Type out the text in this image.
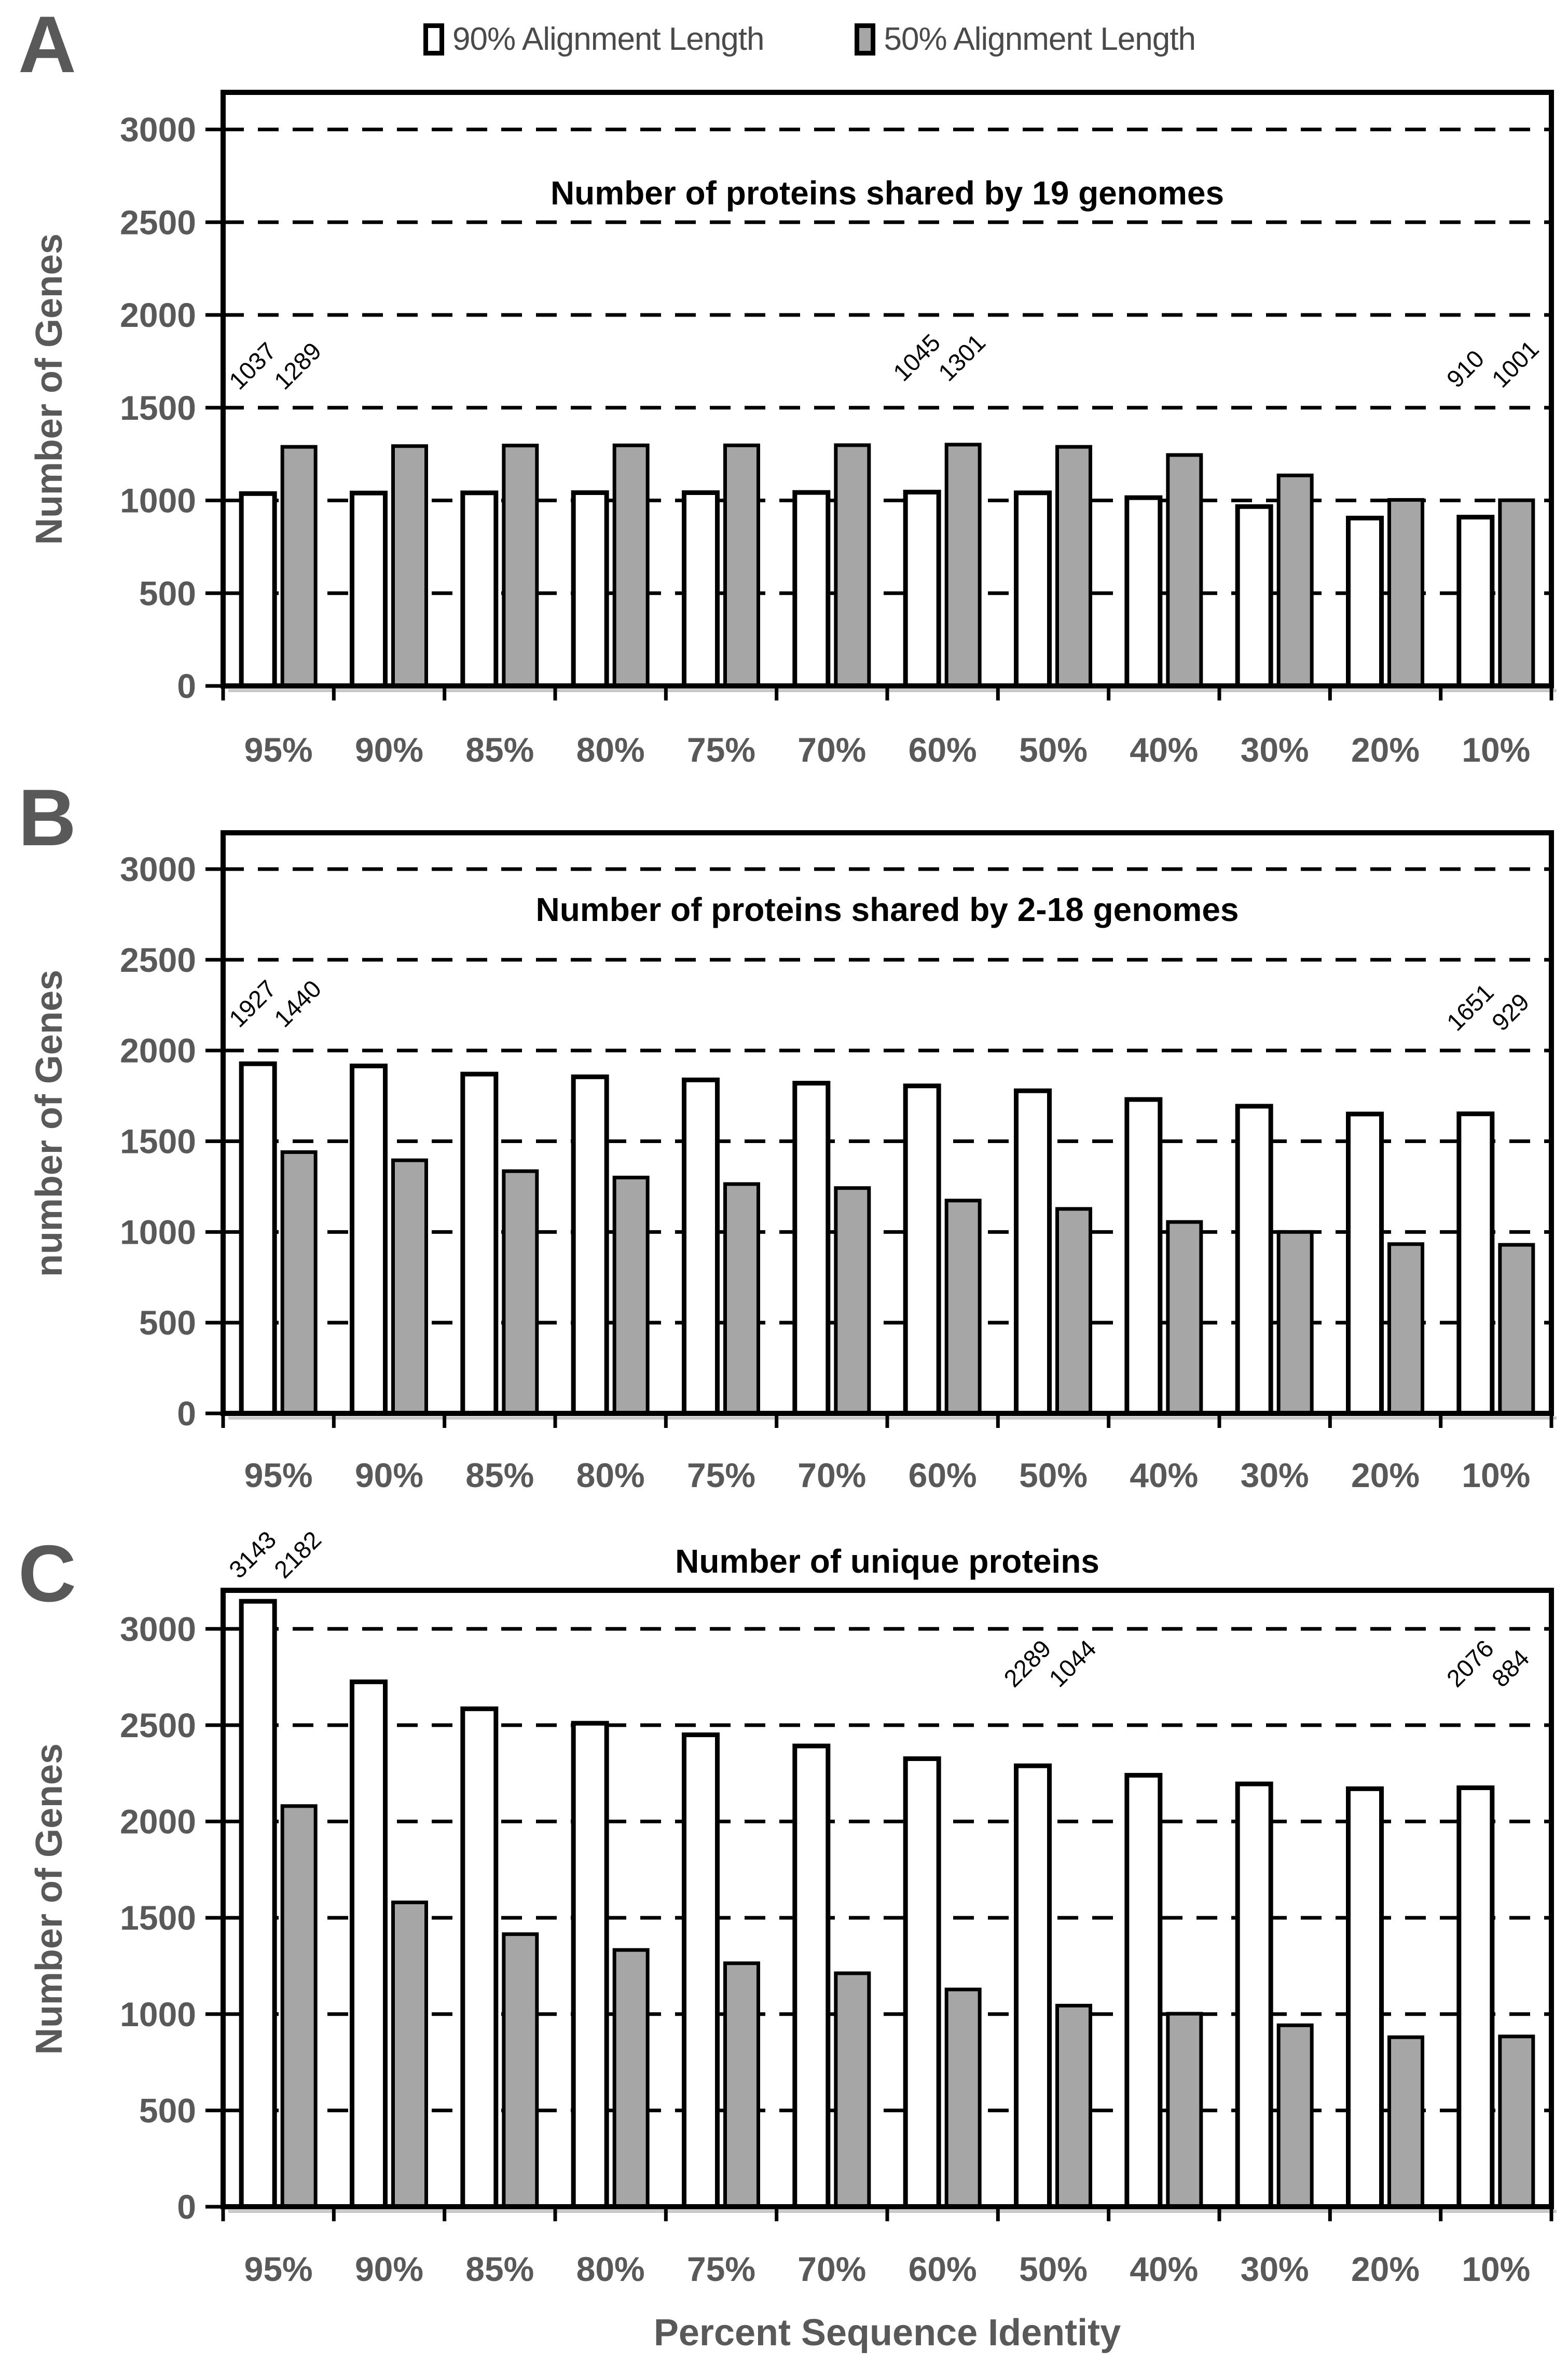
0
500
1000
1500
2000
2500
3000
95% 90% 85% 80% 75% 70% 60% 50% 40% 30% 20% 10%
1037
1289	1045
1301	910
1001
0
500
1000
1500
2000
2500
3000
95% 90% 85% 80% 75% 70% 60% 50% 40% 30% 20% 10%
1927
1440	1651
929
0
500
1000
1500
2000
2500
3000
95% 90% 85% 80% 75% 70% 60% 50% 40% 30% 20% 10%
3143
2182
2289
1044	2076
884
90% Alignment Length	50% Alignment Length
A
B
C
Number of proteins shared by 19 genomes
Number of proteins shared by 2-18 genomes
Number of unique proteins
Number of Genes
number of Genes
Number of Genes
Percent Sequence Identity
